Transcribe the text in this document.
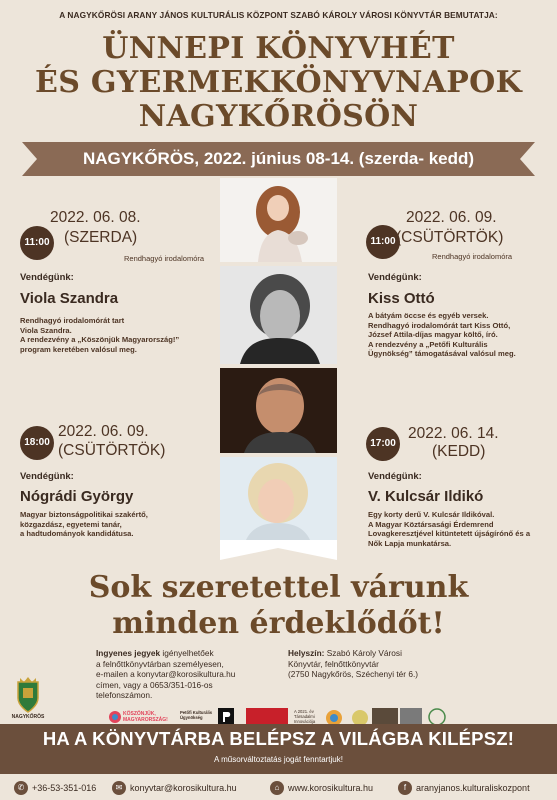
A NAGYKŐRÖSI ARANY JÁNOS KULTURÁLIS KÖZPONT SZABÓ KÁROLY VÁROSI KÖNYVTÁR BEMUTATJA:
ÜNNEPI KÖNYVHÉT
ÉS GYERMEKKÖNYVNAPOK
NAGYKŐRÖSÖN
NAGYKŐRÖS, 2022. június 08-14. (szerda- kedd)
11:00
2022. 06. 08.
(SZERDA)
Rendhagyó irodalomóra
Vendégünk:
Viola Szandra
Rendhagyó irodalomórát tart
Viola Szandra.
A rendezvény a „Köszönjük Magyarország!”
program keretében valósul meg.
11:00
2022. 06. 09.
(CSÜTÖRTÖK)
Rendhagyó irodalomóra
Vendégünk:
Kiss Ottó
A bátyám öccse és egyéb versek.
Rendhagyó irodalomórát tart Kiss Ottó,
József Attila-díjas magyar költő, író.
A rendezvény a „Petőfi Kulturális
Ügynökség” támogatásával valósul meg.
18:00
2022. 06. 09.
(CSÜTÖRTÖK)
Vendégünk:
Nógrádi György
Magyar biztonságpolitikai szakértő,
közgazdász, egyetemi tanár,
a hadtudományok kandidátusa.
17:00
2022. 06. 14.
(KEDD)
Vendégünk:
V. Kulcsár Ildikó
Egy korty derű V. Kulcsár Ildikóval.
A Magyar Köztársasági Érdemrend
Lovagkeresztjével kitüntetett újságírónő és a
Nők Lapja munkatársa.
Sok szeretettel várunk
minden érdeklődőt!
Ingyenes jegyek igényelhetőek
a felnőttkönyvtárban személyesen,
e-mailen a konyvtar@korosikultura.hu
címen, vagy a 0653/351-016-os
telefonszámon.
Helyszín: Szabó Károly Városi
Könyvtár, felnőttkönyvtár
(2750 Nagykőrös, Széchenyi tér 6.)
NAGYKŐRÖS	KÖSZÖNJÜK, MAGYARORSZÁG!
Petőfi Kulturális Ügynökség
A 2021. év Társadalmi Innovációja
HA A KÖNYVTÁRBA BELÉPSZ A VILÁGBA KILÉPSZ!
A műsorváltoztatás jogát fenntartjuk!
✆ +36-53-351-016	✉ konyvtar@korosikultura.hu	⌂ www.korosikultura.hu	f	aranyjanos.kulturaliskozpont
